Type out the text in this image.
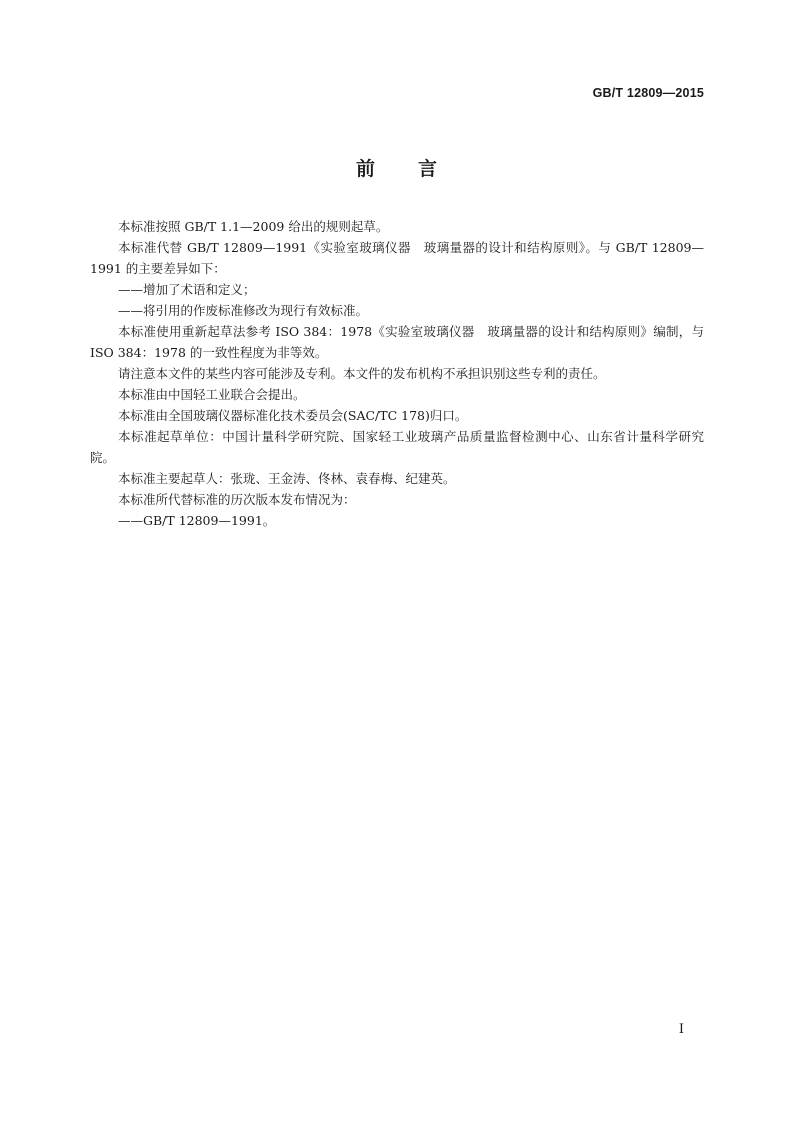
GB/T 12809—2015
前 言

本标准按照 GB/T 1.1—2009 给出的规则起草。

本标准代替 GB/T 12809—1991《实验室玻璃仪器　玻璃量器的设计和结构原则》。与 GB/T 12809—1991 的主要差异如下：

——增加了术语和定义；

——将引用的作废标准修改为现行有效标准。

本标准使用重新起草法参考 ISO 384：1978《实验室玻璃仪器　玻璃量器的设计和结构原则》编制，与 ISO 384：1978 的一致性程度为非等效。

请注意本文件的某些内容可能涉及专利。本文件的发布机构不承担识别这些专利的责任。

本标准由中国轻工业联合会提出。

本标准由全国玻璃仪器标准化技术委员会(SAC/TC 178)归口。

本标准起草单位：中国计量科学研究院、国家轻工业玻璃产品质量监督检测中心、山东省计量科学研究院。

本标准主要起草人：张珑、王金涛、佟林、袁春梅、纪建英。

本标准所代替标准的历次版本发布情况为：

——GB/T 12809—1991。

I
